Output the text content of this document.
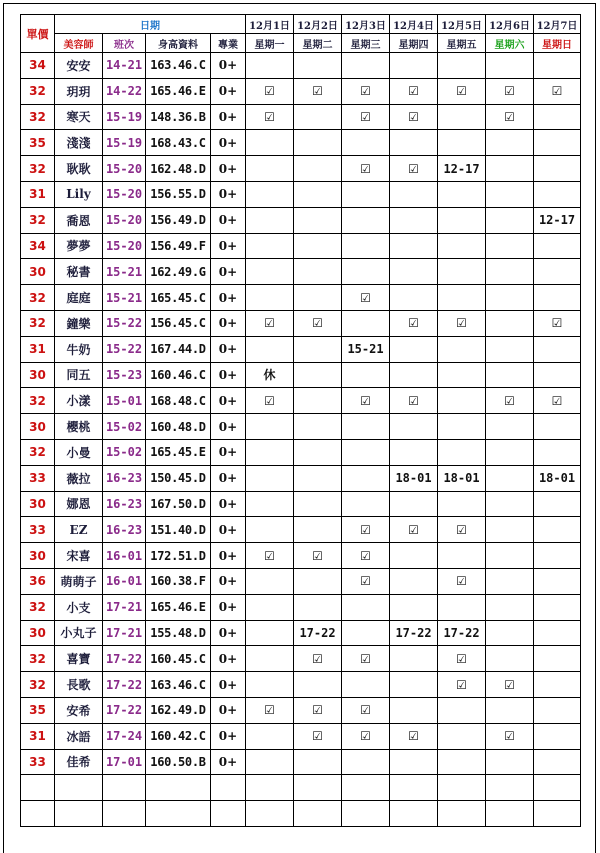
單價	日期				12月1日	12月2日	12月3日	12月4日	12月5日	12月6日	12月7日
	美容師	班次	身高資料	專業	星期一	星期二	星期三	星期四	星期五	星期六	星期日
34	安安	14-21	163.46.C	0+							
32	玥玥	14-22	165.46.E	0+	☑	☑	☑	☑	☑	☑	☑
32	寒天	15-19	148.36.B	0+	☑		☑	☑		☑	
35	淺淺	15-19	168.43.C	0+							
32	耿耿	15-20	162.48.D	0+			☑	☑	12-17		
31	Lily	15-20	156.55.D	0+							
32	喬恩	15-20	156.49.D	0+							12-17
34	夢夢	15-20	156.49.F	0+							
30	秘書	15-21	162.49.G	0+							
32	庭庭	15-21	165.45.C	0+			☑				
32	鐘樂	15-22	156.45.C	0+	☑	☑		☑	☑		☑
31	牛奶	15-22	167.44.D	0+			15-21				
30	同五	15-23	160.46.C	0+	休						
32	小漾	15-01	168.48.C	0+	☑		☑	☑		☑	☑
30	櫻桃	15-02	160.48.D	0+							
32	小曼	15-02	165.45.E	0+							
33	薇拉	16-23	150.45.D	0+				18-01	18-01		18-01
30	娜恩	16-23	167.50.D	0+							
33	EZ	16-23	151.40.D	0+			☑	☑	☑		
30	宋喜	16-01	172.51.D	0+	☑	☑	☑				
36	萌萌子	16-01	160.38.F	0+			☑		☑		
32	小支	17-21	165.46.E	0+							
30	小丸子	17-21	155.48.D	0+		17-22		17-22	17-22		
32	喜寶	17-22	160.45.C	0+		☑	☑		☑		
32	長歌	17-22	163.46.C	0+					☑	☑	
35	安希	17-22	162.49.D	0+	☑	☑	☑				
31	冰語	17-24	160.42.C	0+		☑	☑	☑		☑	
33	佳希	17-01	160.50.B	0+							
